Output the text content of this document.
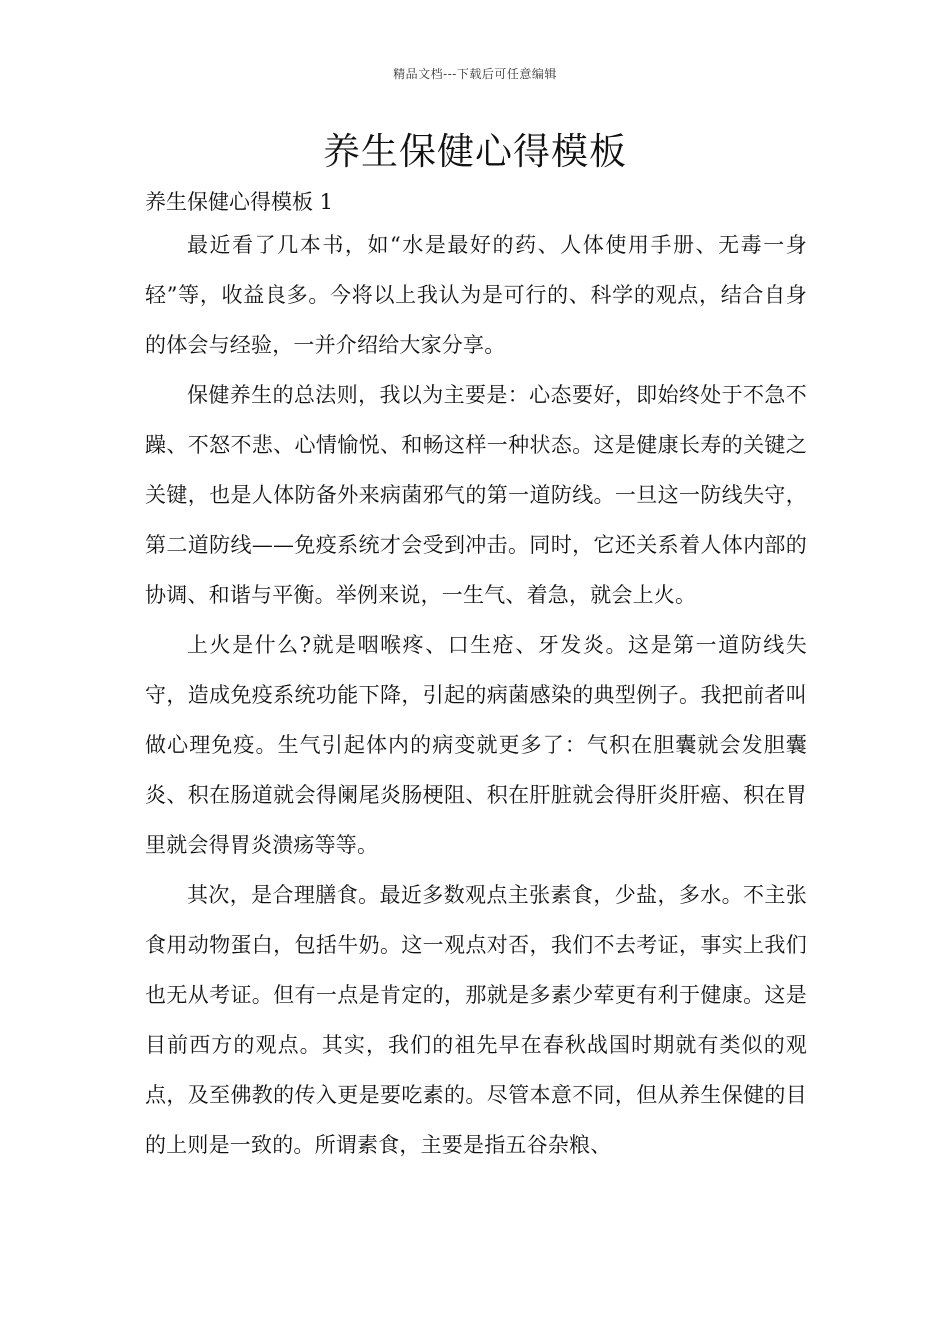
精品文档---下载后可任意编辑
养生保健心得模板

养生保健心得模板 1

最近看了几本书，如“水是最好的药、人体使用手册、无毒一身轻”等，收益良多。今将以上我认为是可行的、科学的观点，结合自身的体会与经验，一并介绍给大家分享。

保健养生的总法则，我以为主要是：心态要好，即始终处于不急不躁、不怒不悲、心情愉悦、和畅这样一种状态。这是健康长寿的关键之关键，也是人体防备外来病菌邪气的第一道防线。一旦这一防线失守，第二道防线——免疫系统才会受到冲击。同时，它还关系着人体内部的协调、和谐与平衡。举例来说，一生气、着急，就会上火。

上火是什么?就是咽喉疼、口生疮、牙发炎。这是第一道防线失守，造成免疫系统功能下降，引起的病菌感染的典型例子。我把前者叫做心理免疫。生气引起体内的病变就更多了：气积在胆囊就会发胆囊炎、积在肠道就会得阑尾炎肠梗阻、积在肝脏就会得肝炎肝癌、积在胃里就会得胃炎溃疡等等。

其次，是合理膳食。最近多数观点主张素食，少盐，多水。不主张食用动物蛋白，包括牛奶。这一观点对否，我们不去考证，事实上我们也无从考证。但有一点是肯定的，那就是多素少荤更有利于健康。这是目前西方的观点。其实，我们的祖先早在春秋战国时期就有类似的观点，及至佛教的传入更是要吃素的。尽管本意不同，但从养生保健的目的上则是一致的。所谓素食，主要是指五谷杂粮、
